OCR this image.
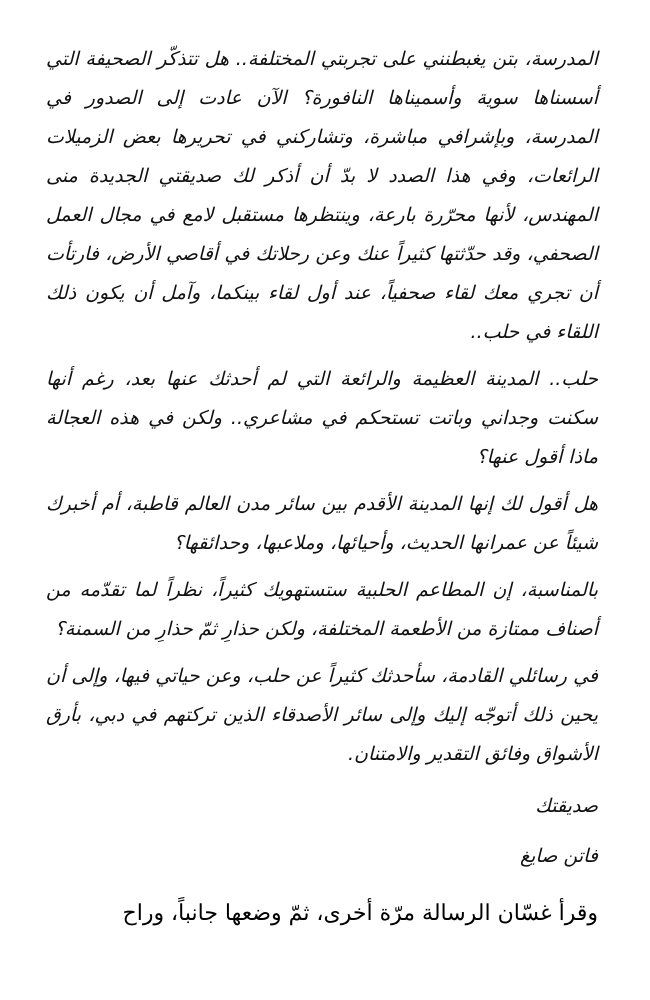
المدرسة، بتن يغبطنني على تجربتي المختلفة.. هل تتذكّر الصحيفة التي أسسناها سوية وأسميناها النافورة؟ الآن عادت إلى الصدور في المدرسة، وبإشرافي مباشرة، وتشاركني في تحريرها بعض الزميلات الرائعات، وفي هذا الصدد لا بدّ أن أذكر لك صديقتي الجديدة منى المهندس، لأنها محرّرة بارعة، وينتظرها مستقبل لامع في مجال العمل الصحفي، وقد حدّثتها كثيراً عنك وعن رحلاتك في أقاصي الأرض، فارتأت أن تجري معك لقاء صحفياً، عند أول لقاء بينكما، وآمل أن يكون ذلك اللقاء في حلب..

حلب.. المدينة العظيمة والرائعة التي لم أحدثك عنها بعد، رغم أنها سكنت وجداني وباتت تستحكم في مشاعري.. ولكن في هذه العجالة ماذا أقول عنها؟

هل أقول لك إنها المدينة الأقدم بين سائر مدن العالم قاطبة، أم أخبرك شيئاً عن عمرانها الحديث، وأحيائها، وملاعبها، وحدائقها؟

بالمناسبة، إن المطاعم الحلبية ستستهويك كثيراً، نظراً لما تقدّمه من أصناف ممتازة من الأطعمة المختلفة، ولكن حذارِ ثمّ حذارِ من السمنة؟

في رسائلي القادمة، سأحدثك كثيراً عن حلب، وعن حياتي فيها، وإلى أن يحين ذلك أتوجّه إليك وإلى سائر الأصدقاء الذين تركتهم في دبي، بأرق الأشواق وفائق التقدير والامتنان.

صديقتك

فاتن صايغ

وقرأ غسّان الرسالة مرّة أخرى، ثمّ وضعها جانباً، وراح
